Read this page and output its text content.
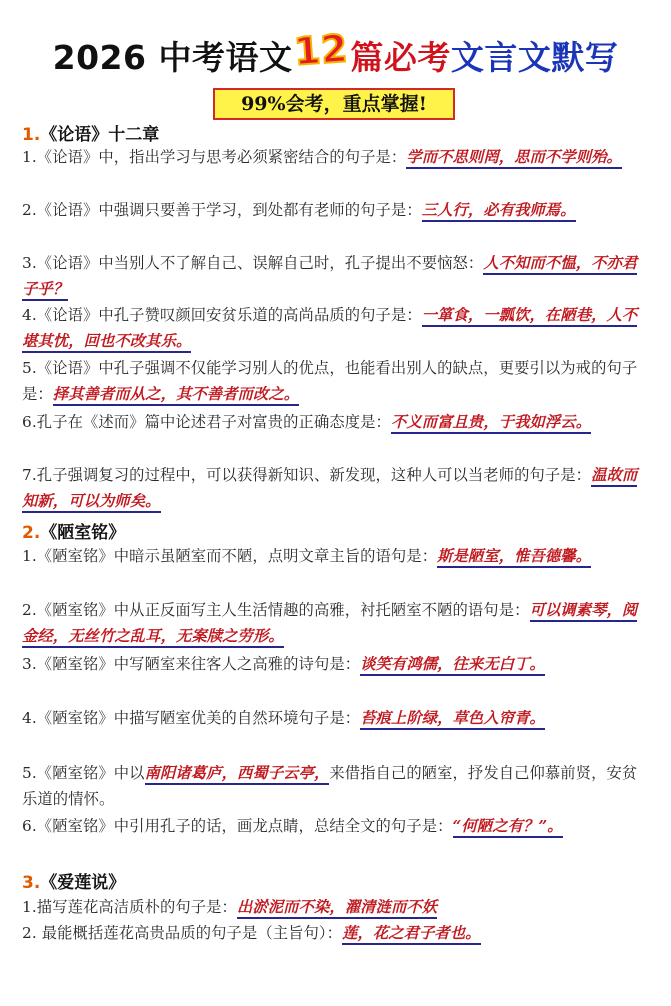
2026 中考语文12篇必考文言文默写
99%会考，重点掌握!
1.《论语》十二章
1.《论语》中，指出学习与思考必须紧密结合的句子是：学而不思则罔，思而不学则殆。
2.《论语》中强调只要善于学习，到处都有老师的句子是：三人行，必有我师焉。
3.《论语》中当别人不了解自己、误解自己时，孔子提出不要恼怒：人不知而不愠，不亦君子乎？
4.《论语》中孔子赞叹颜回安贫乐道的高尚品质的句子是：一箪食，一瓢饮，在陋巷，人不堪其忧，回也不改其乐。
5.《论语》中孔子强调不仅能学习别人的优点，也能看出别人的缺点，更要引以为戒的句子是：择其善者而从之，其不善者而改之。
6.孔子在《述而》篇中论述君子对富贵的正确态度是：不义而富且贵，于我如浮云。
7.孔子强调复习的过程中，可以获得新知识、新发现，这种人可以当老师的句子是：温故而知新，可以为师矣。
2.《陋室铭》
1.《陋室铭》中暗示虽陋室而不陋，点明文章主旨的语句是：斯是陋室，惟吾德馨。
2.《陋室铭》中从正反面写主人生活情趣的高雅，衬托陋室不陋的语句是：可以调素琴，阅金经，无丝竹之乱耳，无案牍之劳形。
3.《陋室铭》中写陋室来往客人之高雅的诗句是：谈笑有鸿儒，往来无白丁。
4.《陋室铭》中描写陋室优美的自然环境句子是：苔痕上阶绿，草色入帘青。
5.《陋室铭》中以南阳诸葛庐，西蜀子云亭，来借指自己的陋室，抒发自己仰慕前贤，安贫乐道的情怀。
6.《陋室铭》中引用孔子的话，画龙点睛，总结全文的句子是：“何陋之有？”。
3.《爱莲说》
1.描写莲花高洁质朴的句子是：出淤泥而不染，濯清涟而不妖
2. 最能概括莲花高贵品质的句子是（主旨句）：莲，花之君子者也。
